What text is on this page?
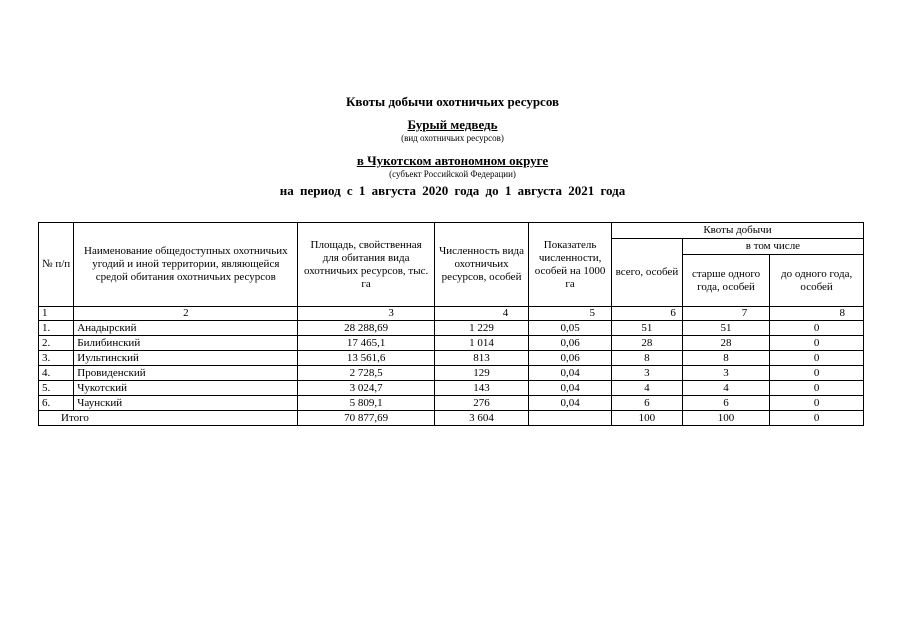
Квоты добычи охотничьих ресурсов
Бурый медведь
(вид охотничьих ресурсов)
в Чукотском автономном округе
(субъект Российской Федерации)
на период с 1 августа 2020 года до 1 августа 2021 года
№ п/п	Наименование общедоступных охотничьих угодий и иной территории, являющейся средой обитания охотничьих ресурсов	Площадь, свойственная для обитания вида охотничьих ресурсов, тыс. га	Численность вида охотничьих ресурсов, особей	Показатель численности, особей на 1000 га	Квоты добычи		
					всего, особей	в том числе	
						старше одного года, особей	до одного года, особей
1	2	3	4	5	6	7	8
1.	Анадырский	28 288,69	1 229	0,05	51	51	0
2.	Билибинский	17 465,1	1 014	0,06	28	28	0
3.	Иультинский	13 561,6	813	0,06	8	8	0
4.	Провиденский	2 728,5	129	0,04	3	3	0
5.	Чукотский	3 024,7	143	0,04	4	4	0
6.	Чаунский	5 809,1	276	0,04	6	6	0
Итого		70 877,69	3 604		100	100	0
